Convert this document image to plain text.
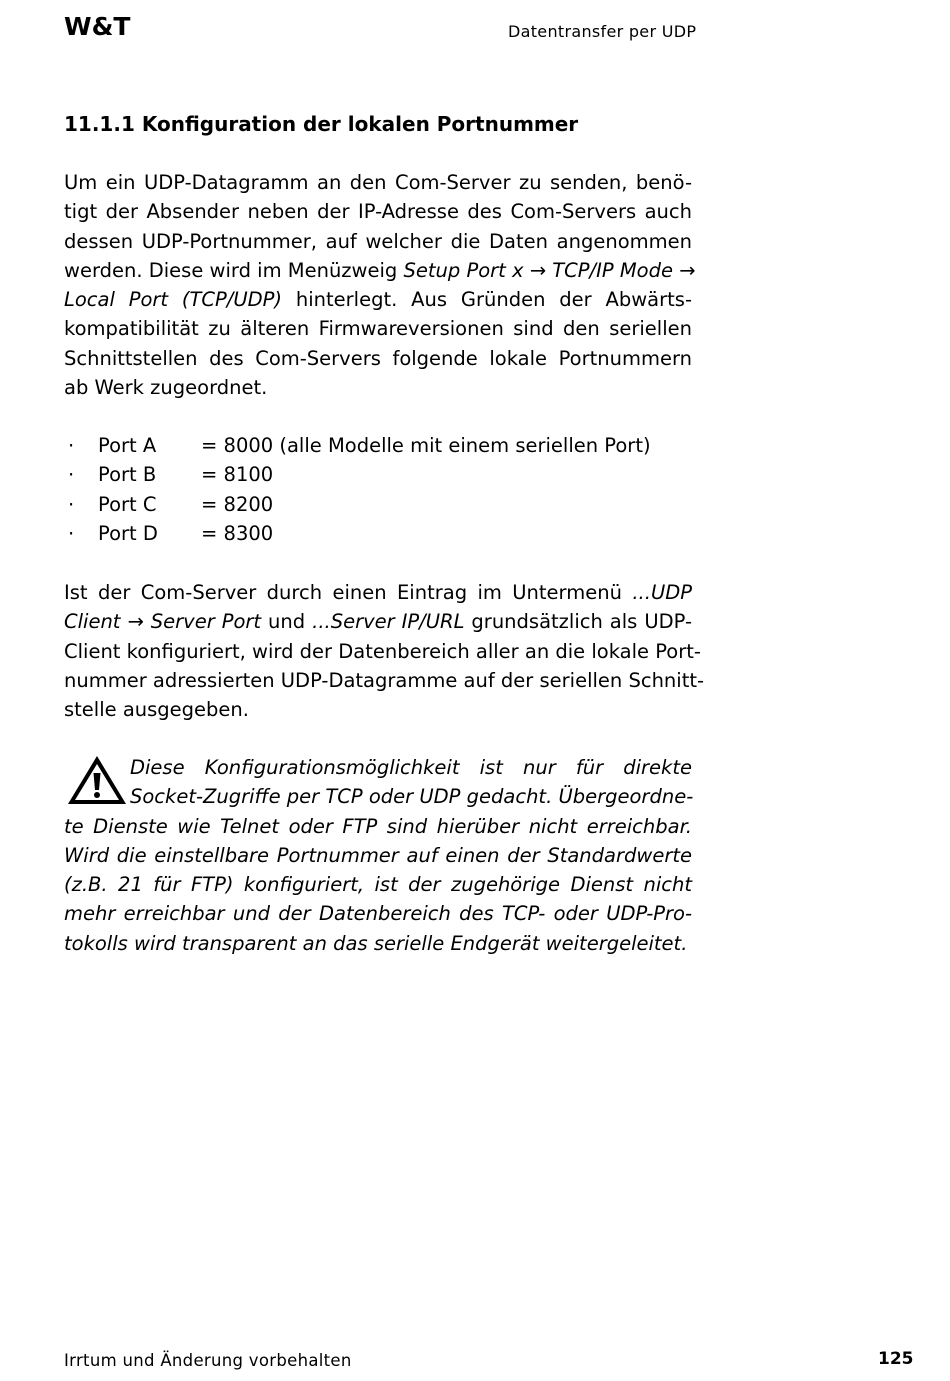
W&T	Datentransfer per UDP
11.1.1 Konfiguration der lokalen Portnummer
Um ein UDP-Datagramm an den Com-Server zu senden, benö-
tigt der Absender neben der IP-Adresse des Com-Servers auch
dessen UDP-Portnummer, auf welcher die Daten angenommen
werden. Diese wird im Menüzweig Setup Port x → TCP/IP Mode →
Local Port (TCP/UDP) hinterlegt. Aus Gründen der Abwärts-
kompatibilität zu älteren Firmwareversionen sind den seriellen
Schnittstellen des Com-Servers folgende lokale Portnummern
ab Werk zugeordnet.
· Port A = 8000 (alle Modelle mit einem seriellen Port)
· Port B = 8100
· Port C = 8200
· Port D = 8300
Ist der Com-Server durch einen Eintrag im Untermenü ...UDP
Client → Server Port und ...Server IP/URL grundsätzlich als UDP-
Client konfiguriert, wird der Datenbereich aller an die lokale Port-
nummer adressierten UDP-Datagramme auf der seriellen Schnitt-
stelle ausgegeben.
Diese Konfigurationsmöglichkeit ist nur für direkte
Socket-Zugriffe per TCP oder UDP gedacht. Übergeordne-
te Dienste wie Telnet oder FTP sind hierüber nicht erreichbar.
Wird die einstellbare Portnummer auf einen der Standardwerte
(z.B. 21 für FTP) konfiguriert, ist der zugehörige Dienst nicht
mehr erreichbar und der Datenbereich des TCP- oder UDP-Pro-
tokolls wird transparent an das serielle Endgerät weitergeleitet.
Irrtum und Änderung vorbehalten	125
